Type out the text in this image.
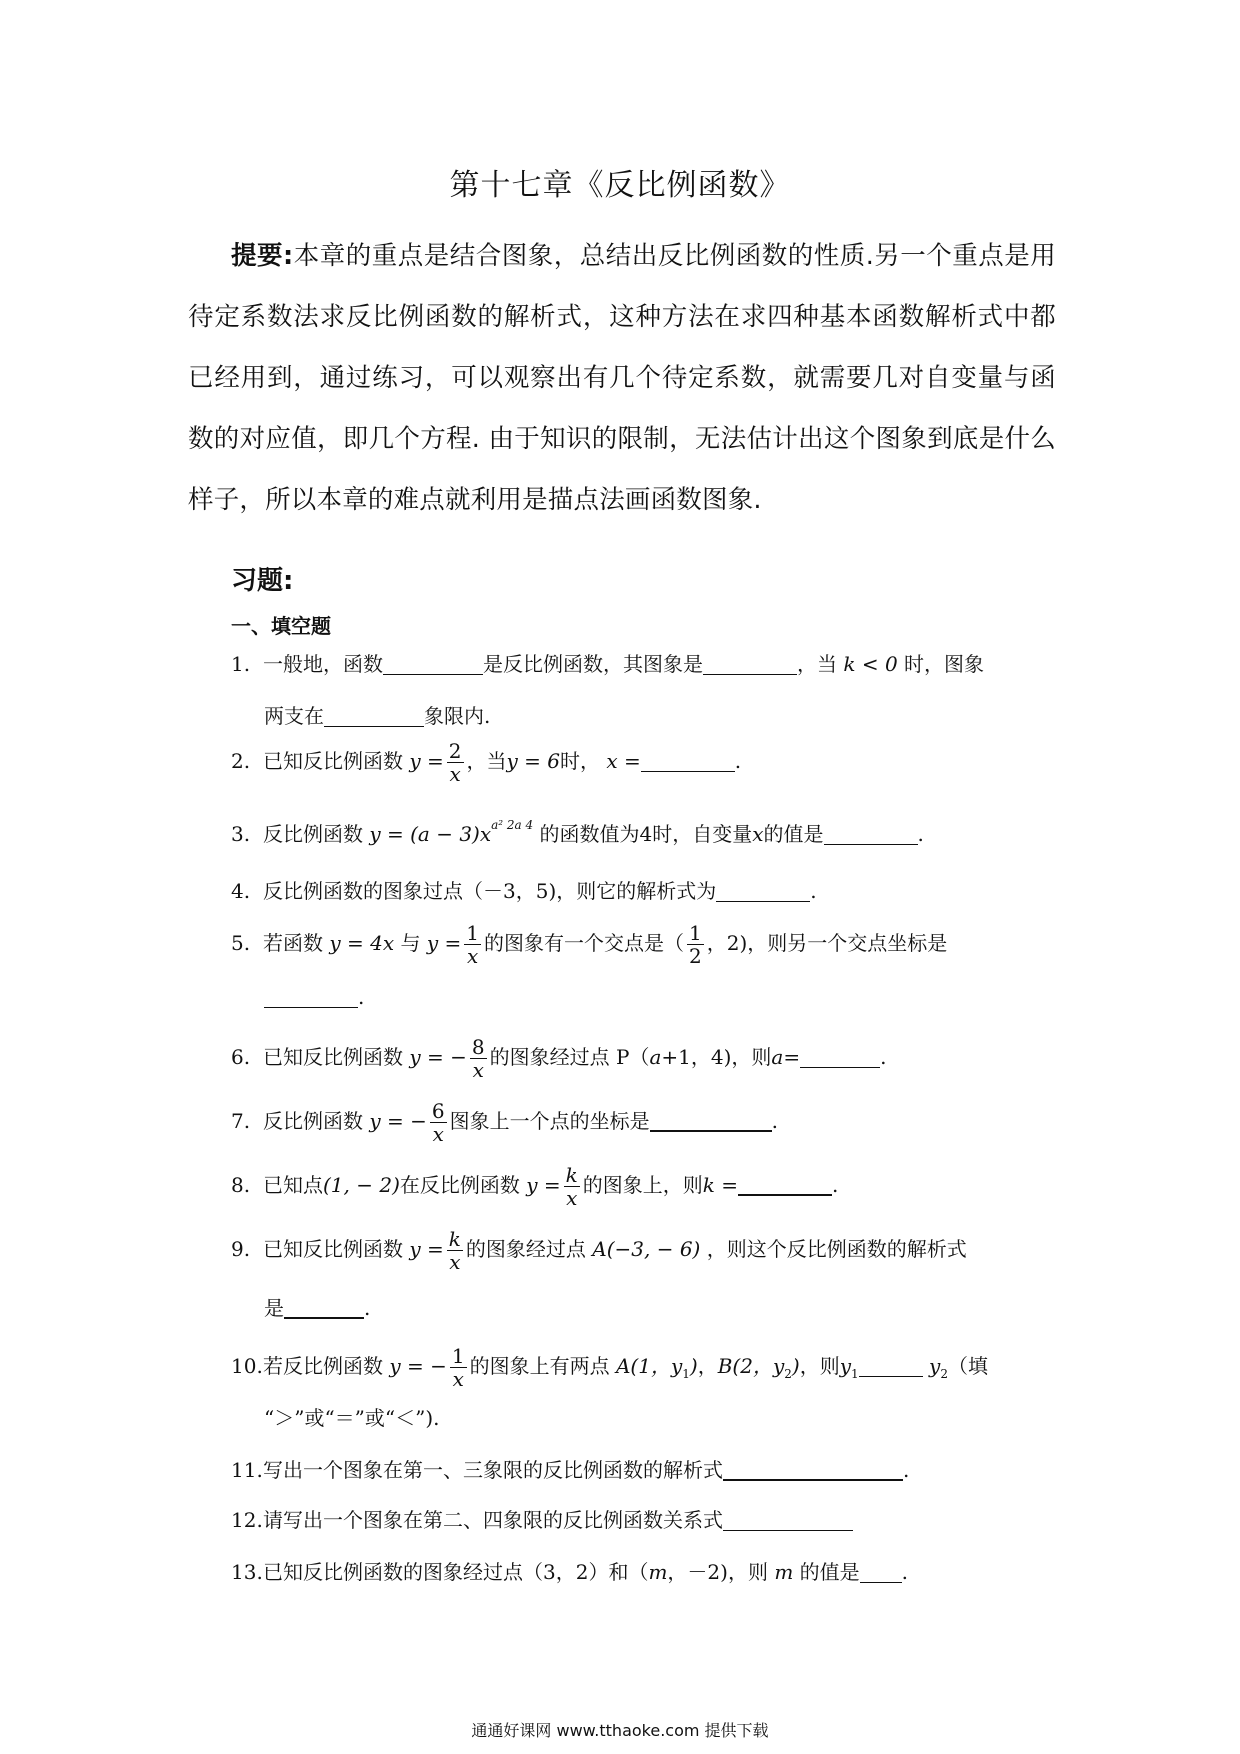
第十七章《反比例函数》
提要:本章的重点是结合图象，总结出反比例函数的性质.另一个重点是用待定系数法求反比例函数的解析式，这种方法在求四种基本函数解析式中都已经用到，通过练习，可以观察出有几个待定系数，就需要几对自变量与函数的对应值，即几个方程. 由于知识的限制，无法估计出这个图象到底是什么样子，所以本章的难点就利用是描点法画函数图象.
习题:
一、填空题
1. 一般地，函数	是反比例函数，其图象是	，当 k < 0 时，图象
两支在	象限内.
2. 已知反比例函数 $y = \frac{2}{x}$ ，当y = 6时， x =	.
3. 反比例函数 $y = (a - 3)x^{a^2 2a 4}$ 的函数值为4时，自变量x的值是	.
4. 反比例函数的图象过点（－3，5)，则它的解析式为	.
5. 若函数 y = 4x 与 $y = \frac{1}{x}$ 的图象有一个交点是（ $\frac{1}{2}$ ，2)，则另一个交点坐标是
.
6. 已知反比例函数 y = − $\frac{8}{x}$ 的图象经过点 P（a+1，4)，则a=	.
7. 反比例函数 y = − $\frac{6}{x}$ 图象上一个点的坐标是	.
8. 已知点(1, − 2)在反比例函数 $y = \frac{k}{x}$ 的图象上，则k =	.
9. 已知反比例函数 $y = \frac{k}{x}$ 的图象经过点 A(−3, − 6) ，则这个反比例函数的解析式
是	.
10.若反比例函数 y = − $\frac{1}{x}$ 的图象上有两点 A(1，$y_1$)，B(2，$y_2$)，则$y_1$	$y_2$（填
“＞”或“＝”或“＜”).
11.写出一个图象在第一、三象限的反比例函数的解析式	.
12.请写出一个图象在第二、四象限的反比例函数关系式
13.已知反比例函数的图象经过点（3，2）和（m，－2)，则 m 的值是 .
通通好课网 www.tthaoke.com 提供下载
